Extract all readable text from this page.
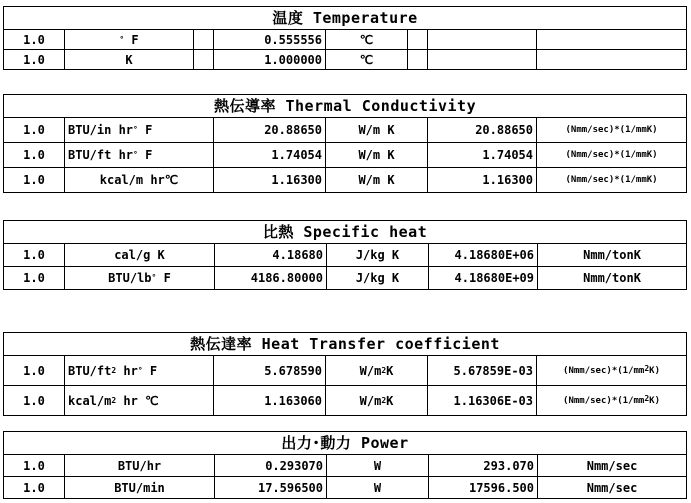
温度 Temperature							
1.0	° F		0.555556	℃			
1.0	K		1.000000	℃			
熱伝導率 Thermal Conductivity					
1.0	BTU/in hr° F	20.88650	W/m K	20.88650	(Nmm/sec)*(1/mmK)
1.0	BTU/ft hr° F	1.74054	W/m K	1.74054	(Nmm/sec)*(1/mmK)
1.0	kcal/m hr℃	1.16300	W/m K	1.16300	(Nmm/sec)*(1/mmK)
比熱 Specific heat					
1.0	cal/g K	4.18680	J/kg K	4.18680E+06	Nmm/tonK
1.0	BTU/lb° F	4186.80000	J/kg K	4.18680E+09	Nmm/tonK
熱伝達率 Heat Transfer coefficient					
1.0	BTU/$ft^2$ hr° F	5.678590	$W/m^2K$	5.67859E-03	$(Nmm/\sec)*(1/mm^2K)$
1.0	kcal/$m^2$ hr ℃	1.163060	$W/m^2K$	1.16306E-03	$(Nmm/\sec)*(1/mm^2K)$
出力･動力 Power					
1.0	BTU/hr	0.293070	W	293.070	Nmm/sec
1.0	BTU/min	17.596500	W	17596.500	Nmm/sec
